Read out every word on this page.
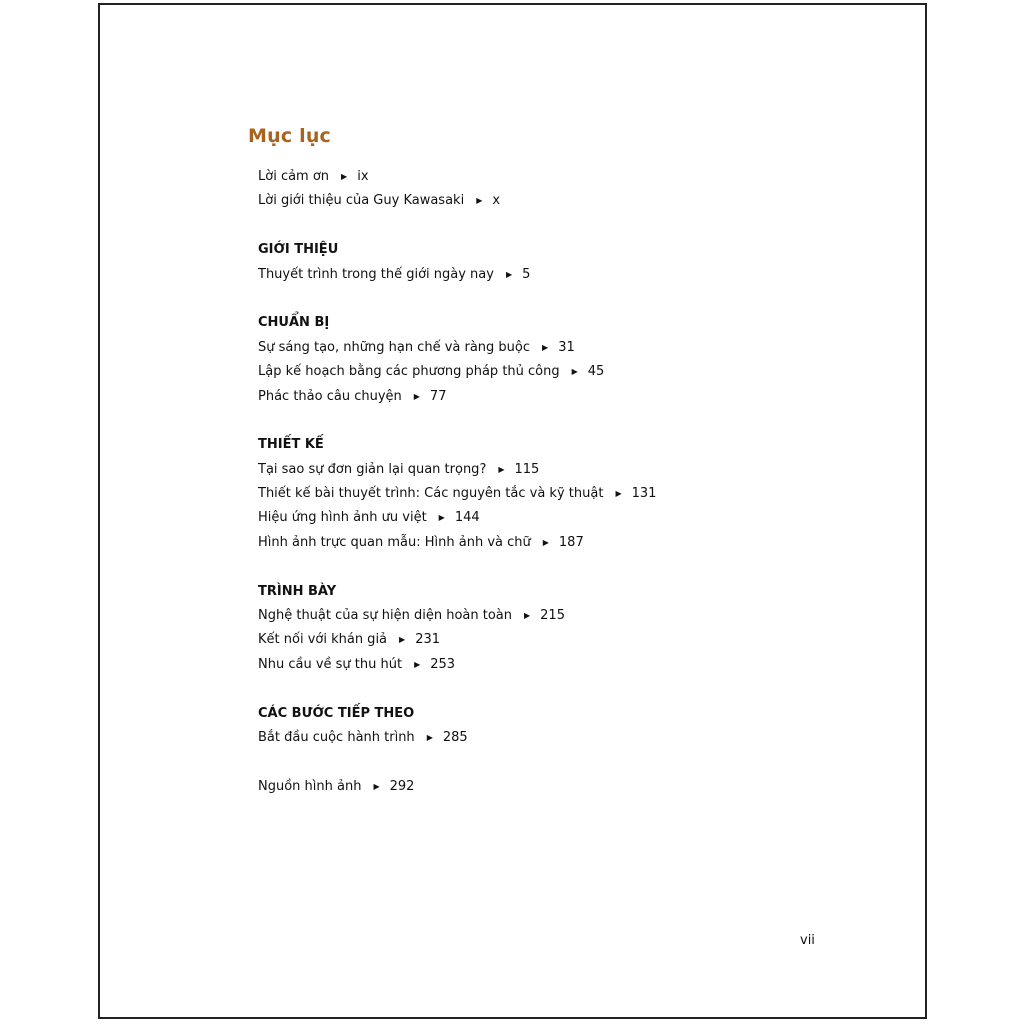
Mục lục
Lời cảm ơn ▶ ix
Lời giới thiệu của Guy Kawasaki ▶ x
GIỚI THIỆU
Thuyết trình trong thế giới ngày nay ▶ 5
CHUẨN BỊ
Sự sáng tạo, những hạn chế và ràng buộc ▶ 31
Lập kế hoạch bằng các phương pháp thủ công ▶ 45
Phác thảo câu chuyện ▶ 77
THIẾT KẾ
Tại sao sự đơn giản lại quan trọng? ▶ 115
Thiết kế bài thuyết trình: Các nguyên tắc và kỹ thuật ▶ 131
Hiệu ứng hình ảnh ưu việt ▶ 144
Hình ảnh trực quan mẫu: Hình ảnh và chữ ▶ 187
TRÌNH BÀY
Nghệ thuật của sự hiện diện hoàn toàn ▶ 215
Kết nối với khán giả ▶ 231
Nhu cầu về sự thu hút ▶ 253
CÁC BƯỚC TIẾP THEO
Bắt đầu cuộc hành trình ▶ 285
Nguồn hình ảnh ▶ 292
vii
